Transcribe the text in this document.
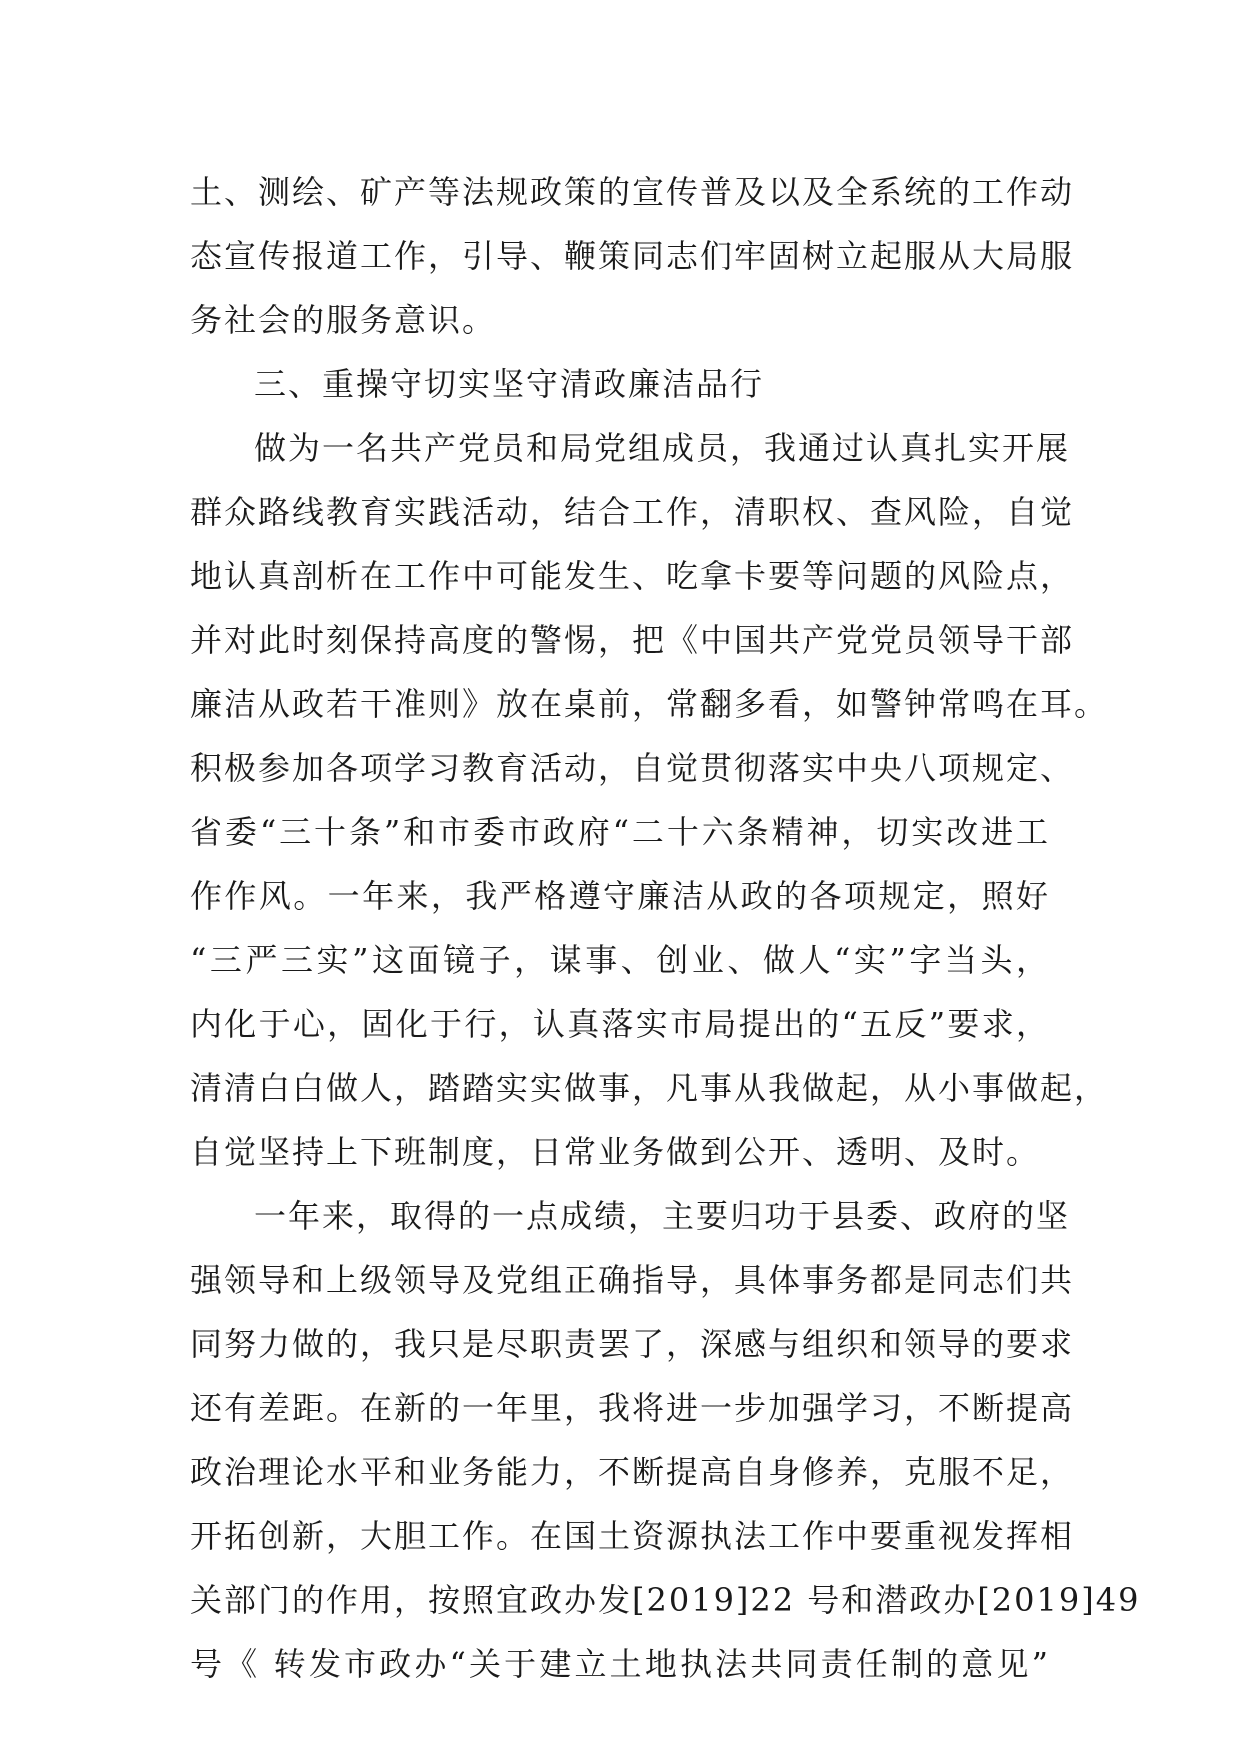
土、测绘、矿产等法规政策的宣传普及以及全系统的工作动
态宣传报道工作，引导、鞭策同志们牢固树立起服从大局服
务社会的服务意识。
三、重操守切实坚守清政廉洁品行
做为一名共产党员和局党组成员，我通过认真扎实开展
群众路线教育实践活动，结合工作，清职权、查风险，自觉
地认真剖析在工作中可能发生、吃拿卡要等问题的风险点，
并对此时刻保持高度的警惕，把《中国共产党党员领导干部
廉洁从政若干准则》放在桌前，常翻多看，如警钟常鸣在耳。
积极参加各项学习教育活动，自觉贯彻落实中央八项规定、
省委“三十条”和市委市政府“二十六条精神，切实改进工
作作风。一年来，我严格遵守廉洁从政的各项规定，照好
“三严三实”这面镜子，谋事、创业、做人“实”字当头，
内化于心，固化于行，认真落实市局提出的“五反”要求，
清清白白做人，踏踏实实做事，凡事从我做起，从小事做起，
自觉坚持上下班制度，日常业务做到公开、透明、及时。
一年来，取得的一点成绩，主要归功于县委、政府的坚
强领导和上级领导及党组正确指导，具体事务都是同志们共
同努力做的，我只是尽职责罢了，深感与组织和领导的要求
还有差距。在新的一年里，我将进一步加强学习，不断提高
政治理论水平和业务能力，不断提高自身修养，克服不足，
开拓创新，大胆工作。在国土资源执法工作中要重视发挥相
关部门的作用，按照宜政办发[2019]22 号和潜政办[2019]49
号《 转发市政办“关于建立土地执法共同责任制的意见”
